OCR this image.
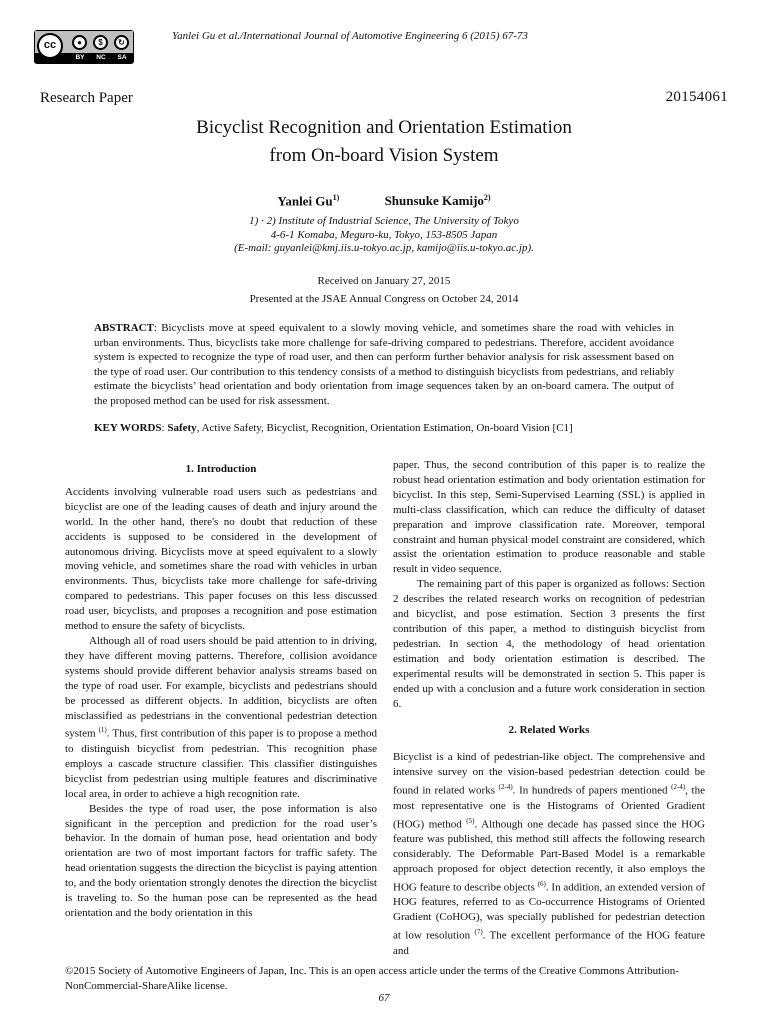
cc	●	$	↻
BY	NC	SA
Yanlei Gu et al./International Journal of Automotive Engineering 6 (2015) 67-73
Research Paper	20154061
Bicyclist Recognition and Orientation Estimation
from On-board Vision System
Yanlei Gu$^{1)}$	Shunsuke Kamijo$^{2)}$
1) · 2) Institute of Industrial Science, The University of Tokyo
4-6-1 Komaba, Meguro-ku, Tokyo, 153-8505 Japan
(E-mail: guyanlei@kmj.iis.u-tokyo.ac.jp, kamijo@iis.u-tokyo.ac.jp).
Received on January 27, 2015
Presented at the JSAE Annual Congress on October 24, 2014
ABSTRACT: Bicyclists move at speed equivalent to a slowly moving vehicle, and sometimes share the road with vehicles in urban environments. Thus, bicyclists take more challenge for safe-driving compared to pedestrians. Therefore, accident avoidance system is expected to recognize the type of road user, and then can perform further behavior analysis for risk assessment based on the type of road user. Our contribution to this tendency consists of a method to distinguish bicyclists from pedestrians, and reliably estimate the bicyclists’ head orientation and body orientation from image sequences taken by an on-board camera. The output of the proposed method can be used for risk assessment.
KEY WORDS: Safety, Active Safety, Bicyclist, Recognition, Orientation Estimation, On-board Vision [C1]

1. Introduction

Accidents involving vulnerable road users such as pedestrians and bicyclist are one of the leading causes of death and injury around the world. In the other hand, there's no doubt that reduction of these accidents is supposed to be considered in the development of autonomous driving. Bicyclists move at speed equivalent to a slowly moving vehicle, and sometimes share the road with vehicles in urban environments. Thus, bicyclists take more challenge for safe-driving compared to pedestrians. This paper focuses on this less discussed road user, bicyclists, and proposes a recognition and pose estimation method to ensure the safety of bicyclists.

Although all of road users should be paid attention to in driving, they have different moving patterns. Therefore, collision avoidance systems should provide different behavior analysis streams based on the type of road user. For example, bicyclists and pedestrians should be processed as different objects. In addition, bicyclists are often misclassified as pedestrians in the conventional pedestrian detection system $^{(1)}$. Thus, first contribution of this paper is to propose a method to distinguish bicyclist from pedestrian. This recognition phase employs a cascade structure classifier. This classifier distinguishes bicyclist from pedestrian using multiple features and discriminative local area, in order to achieve a high recognition rate.

Besides the type of road user, the pose information is also significant in the perception and prediction for the road user’s behavior. In the domain of human pose, head orientation and body orientation are two of most important factors for traffic safety. The head orientation suggests the direction the bicyclist is paying attention to, and the body orientation strongly denotes the direction the bicyclist is traveling to. So the human pose can be represented as the head orientation and the body orientation in this

paper. Thus, the second contribution of this paper is to realize the robust head orientation estimation and body orientation estimation for bicyclist. In this step, Semi-Supervised Learning (SSL) is applied in multi-class classification, which can reduce the difficulty of dataset preparation and improve classification rate. Moreover, temporal constraint and human physical model constraint are considered, which assist the orientation estimation to produce reasonable and stable result in video sequence.

The remaining part of this paper is organized as follows: Section 2 describes the related research works on recognition of pedestrian and bicyclist, and pose estimation. Section 3 presents the first contribution of this paper, a method to distinguish bicyclist from pedestrian. In section 4, the methodology of head orientation estimation and body orientation estimation is described. The experimental results will be demonstrated in section 5. This paper is ended up with a conclusion and a future work consideration in section 6.

2. Related Works

Bicyclist is a kind of pedestrian-like object. The comprehensive and intensive survey on the vision-based pedestrian detection could be found in related works $^{(2-4)}$. In hundreds of papers mentioned $^{(2-4)}$, the most representative one is the Histograms of Oriented Gradient (HOG) method $^{(5)}$. Although one decade has passed since the HOG feature was published, this method still affects the following research considerably. The Deformable Part-Based Model is a remarkable approach proposed for object detection recently, it also employs the HOG feature to describe objects $^{(6)}$. In addition, an extended version of HOG features, referred to as Co-occurrence Histograms of Oriented Gradient (CoHOG), was specially published for pedestrian detection at low resolution $^{(7)}$. The excellent performance of the HOG feature and

©2015 Society of Automotive Engineers of Japan, Inc. This is an open access article under the terms of the Creative Commons Attribution-NonCommercial-ShareAlike license.
67
